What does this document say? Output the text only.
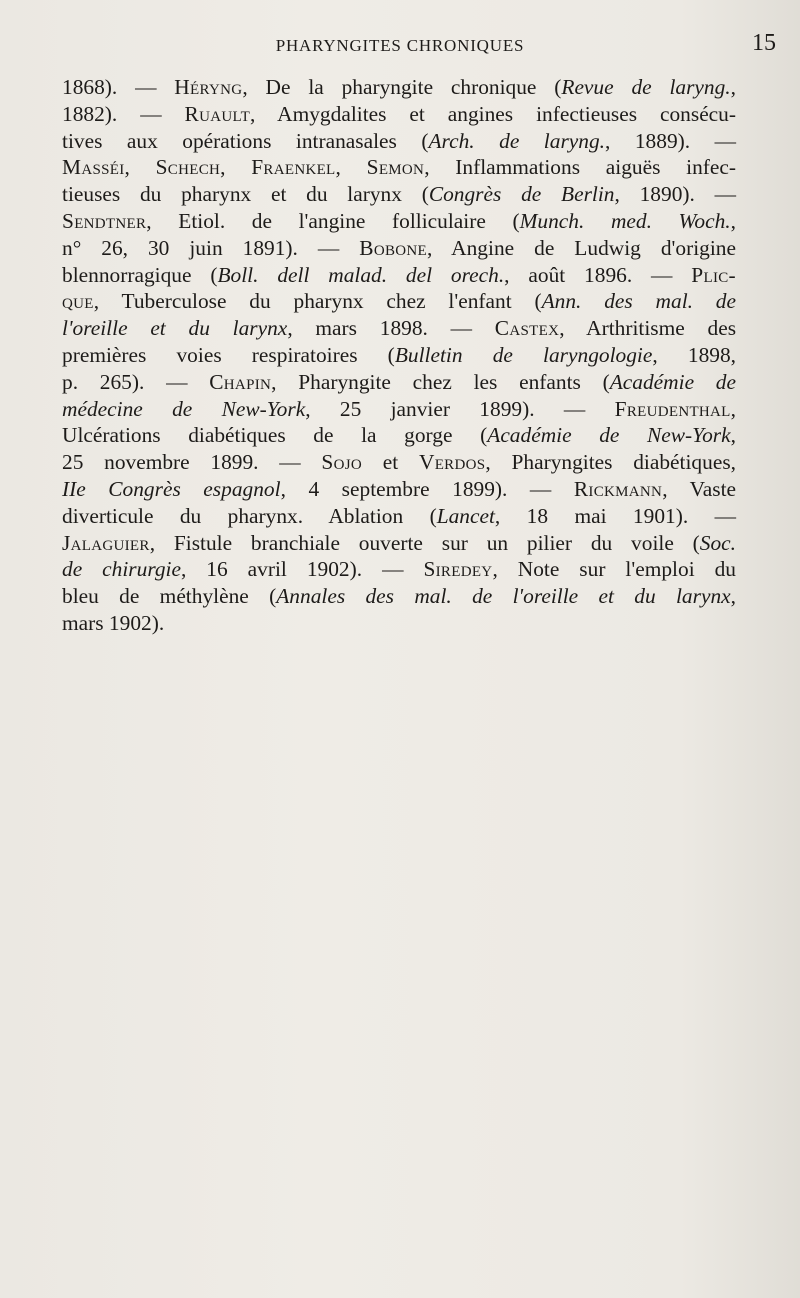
PHARYNGITES CHRONIQUES	15
1868). — Héryng, De la pharyngite chronique (Revue de laryng.,
1882). — Ruault, Amygdalites et angines infectieuses consécu-
tives aux opérations intranasales (Arch. de laryng., 1889). —
Masséi, Schech, Fraenkel, Semon, Inflammations aiguës infec-
tieuses du pharynx et du larynx (Congrès de Berlin, 1890). —
Sendtner, Etiol. de l'angine folliculaire (Munch. med. Woch.,
n° 26, 30 juin 1891). — Bobone, Angine de Ludwig d'origine
blennorragique (Boll. dell malad. del orech., août 1896. — Plic-
que, Tuberculose du pharynx chez l'enfant (Ann. des mal. de
l'oreille et du larynx, mars 1898. — Castex, Arthritisme des
premières voies respiratoires (Bulletin de laryngologie, 1898,
p. 265). — Chapin, Pharyngite chez les enfants (Académie de
médecine de New-York, 25 janvier 1899). — Freudenthal,
Ulcérations diabétiques de la gorge (Académie de New-York,
25 novembre 1899. — Sojo et Verdos, Pharyngites diabétiques,
IIe Congrès espagnol, 4 septembre 1899). — Rickmann, Vaste
diverticule du pharynx. Ablation (Lancet, 18 mai 1901). —
Jalaguier, Fistule branchiale ouverte sur un pilier du voile (Soc.
de chirurgie, 16 avril 1902). — Siredey, Note sur l'emploi du
bleu de méthylène (Annales des mal. de l'oreille et du larynx,
mars 1902).
